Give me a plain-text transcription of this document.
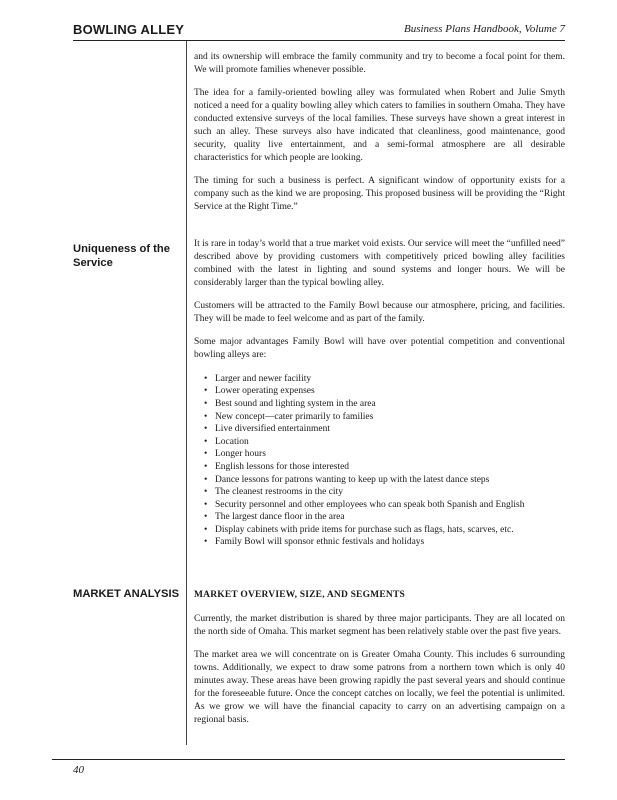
BOWLING ALLEY	Business Plans Handbook, Volume 7
Uniqueness of the Service
MARKET ANALYSIS

and its ownership will embrace the family community and try to become a focal point for them. We will promote families whenever possible.

The idea for a family-oriented bowling alley was formulated when Robert and Julie Smyth noticed a need for a quality bowling alley which caters to families in southern Omaha. They have conducted extensive surveys of the local families. These surveys have shown a great interest in such an alley. These surveys also have indicated that cleanliness, good maintenance, good security, quality live entertainment, and a semi-formal atmosphere are all desirable characteristics for which people are looking.

The timing for such a business is perfect. A significant window of opportunity exists for a company such as the kind we are proposing. This proposed business will be providing the “Right Service at the Right Time.”

It is rare in today’s world that a true market void exists. Our service will meet the “unfilled need” described above by providing customers with competitively priced bowling alley facilities combined with the latest in lighting and sound systems and longer hours. We will be considerably larger than the typical bowling alley.

Customers will be attracted to the Family Bowl because our atmosphere, pricing, and facilities. They will be made to feel welcome and as part of the family.

Some major advantages Family Bowl will have over potential competition and conventional bowling alleys are:

• Larger and newer facility
• Lower operating expenses
• Best sound and lighting system in the area
• New concept—cater primarily to families
• Live diversified entertainment
• Location
• Longer hours
• English lessons for those interested
• Dance lessons for patrons wanting to keep up with the latest dance steps
• The cleanest restrooms in the city
• Security personnel and other employees who can speak both Spanish and English
• The largest dance floor in the area
• Display cabinets with pride items for purchase such as flags, hats, scarves, etc.
• Family Bowl will sponsor ethnic festivals and holidays
MARKET OVERVIEW, SIZE, AND SEGMENTS

Currently, the market distribution is shared by three major participants. They are all located on the north side of Omaha. This market segment has been relatively stable over the past five years.

The market area we will concentrate on is Greater Omaha County. This includes 6 surrounding towns. Additionally, we expect to draw some patrons from a northern town which is only 40 minutes away. These areas have been growing rapidly the past several years and should continue for the foreseeable future. Once the concept catches on locally, we feel the potential is unlimited. As we grow we will have the financial capacity to carry on an advertising campaign on a regional basis.

40
